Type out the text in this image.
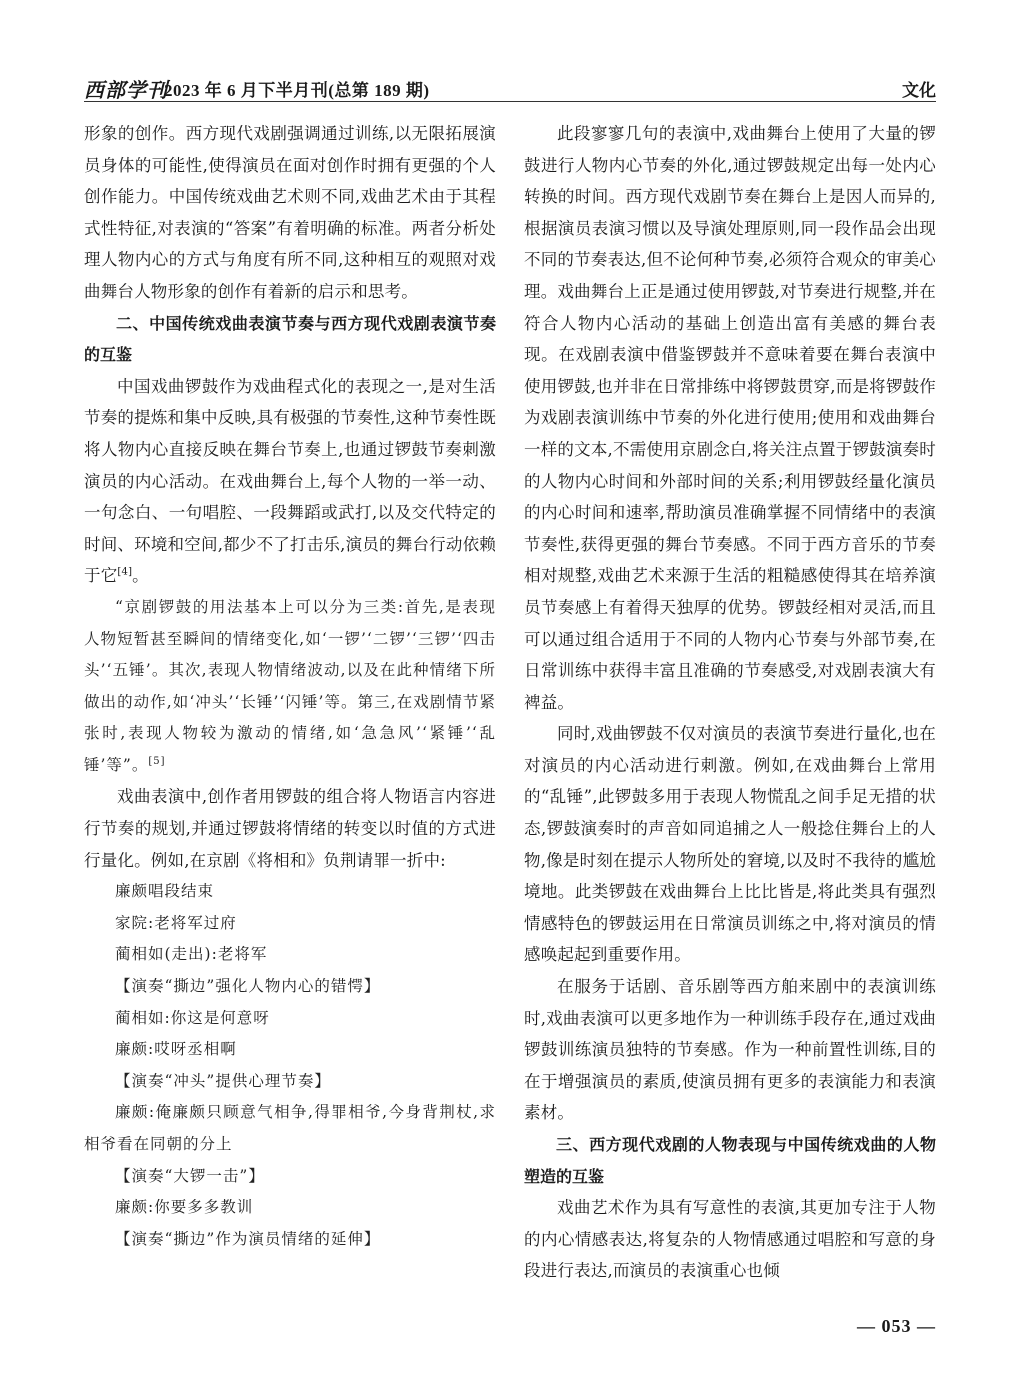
西部学刊
2023 年 6 月下半月刊(总第 189 期)	文化

形象的创作。西方现代戏剧强调通过训练,以无限拓展演员身体的可能性,使得演员在面对创作时拥有更强的个人创作能力。中国传统戏曲艺术则不同,戏曲艺术由于其程式性特征,对表演的“答案”有着明确的标准。两者分析处理人物内心的方式与角度有所不同,这种相互的观照对戏曲舞台人物形象的创作有着新的启示和思考。

二、中国传统戏曲表演节奏与西方现代戏剧表演节奏的互鉴

中国戏曲锣鼓作为戏曲程式化的表现之一,是对生活节奏的提炼和集中反映,具有极强的节奏性,这种节奏性既将人物内心直接反映在舞台节奏上,也通过锣鼓节奏刺激演员的内心活动。在戏曲舞台上,每个人物的一举一动、一句念白、一句唱腔、一段舞蹈或武打,以及交代特定的时间、环境和空间,都少不了打击乐,演员的舞台行动依赖于它[4]。

“京剧锣鼓的用法基本上可以分为三类:首先,是表现人物短暂甚至瞬间的情绪变化,如‘一锣’‘二锣’‘三锣’‘四击头’‘五锤’。其次,表现人物情绪波动,以及在此种情绪下所做出的动作,如‘冲头’‘长锤’‘闪锤’等。第三,在戏剧情节紧张时,表现人物较为激动的情绪,如‘急急风’‘紧锤’‘乱锤’等”。[5]

戏曲表演中,创作者用锣鼓的组合将人物语言内容进行节奏的规划,并通过锣鼓将情绪的转变以时值的方式进行量化。例如,在京剧《将相和》负荆请罪一折中:

廉颇唱段结束

家院:老将军过府

蔺相如(走出):老将军

【演奏“撕边”强化人物内心的错愕】

蔺相如:你这是何意呀

廉颇:哎呀丞相啊

【演奏“冲头”提供心理节奏】

廉颇:俺廉颇只顾意气相争,得罪相爷,今身背荆杖,求相爷看在同朝的分上

【演奏“大锣一击”】

廉颇:你要多多教训

【演奏“撕边”作为演员情绪的延伸】

此段寥寥几句的表演中,戏曲舞台上使用了大量的锣鼓进行人物内心节奏的外化,通过锣鼓规定出每一处内心转换的时间。西方现代戏剧节奏在舞台上是因人而异的,根据演员表演习惯以及导演处理原则,同一段作品会出现不同的节奏表达,但不论何种节奏,必须符合观众的审美心理。戏曲舞台上正是通过使用锣鼓,对节奏进行规整,并在符合人物内心活动的基础上创造出富有美感的舞台表现。在戏剧表演中借鉴锣鼓并不意味着要在舞台表演中使用锣鼓,也并非在日常排练中将锣鼓贯穿,而是将锣鼓作为戏剧表演训练中节奏的外化进行使用;使用和戏曲舞台一样的文本,不需使用京剧念白,将关注点置于锣鼓演奏时的人物内心时间和外部时间的关系;利用锣鼓经量化演员的内心时间和速率,帮助演员准确掌握不同情绪中的表演节奏性,获得更强的舞台节奏感。不同于西方音乐的节奏相对规整,戏曲艺术来源于生活的粗糙感使得其在培养演员节奏感上有着得天独厚的优势。锣鼓经相对灵活,而且可以通过组合适用于不同的人物内心节奏与外部节奏,在日常训练中获得丰富且准确的节奏感受,对戏剧表演大有裨益。

同时,戏曲锣鼓不仅对演员的表演节奏进行量化,也在对演员的内心活动进行刺激。例如,在戏曲舞台上常用的“乱锤”,此锣鼓多用于表现人物慌乱之间手足无措的状态,锣鼓演奏时的声音如同追捕之人一般捻住舞台上的人物,像是时刻在提示人物所处的窘境,以及时不我待的尴尬境地。此类锣鼓在戏曲舞台上比比皆是,将此类具有强烈情感特色的锣鼓运用在日常演员训练之中,将对演员的情感唤起起到重要作用。

在服务于话剧、音乐剧等西方舶来剧中的表演训练时,戏曲表演可以更多地作为一种训练手段存在,通过戏曲锣鼓训练演员独特的节奏感。作为一种前置性训练,目的在于增强演员的素质,使演员拥有更多的表演能力和表演素材。

三、西方现代戏剧的人物表现与中国传统戏曲的人物塑造的互鉴

戏曲艺术作为具有写意性的表演,其更加专注于人物的内心情感表达,将复杂的人物情感通过唱腔和写意的身段进行表达,而演员的表演重心也倾

— 053 —
